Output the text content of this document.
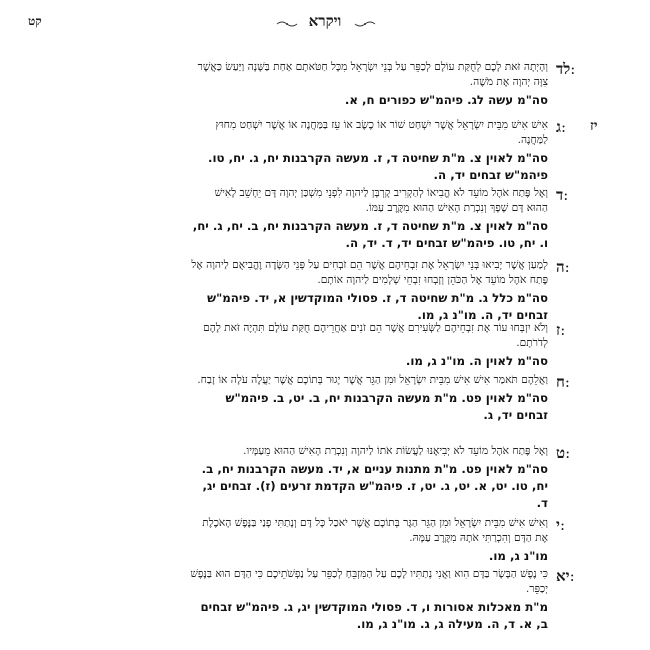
קט	ויקרא
לד:
וְהָיְתָה זֹּאת לָכֶם לְחֻקַּת עוֹלָם לְכַפֵּר עַל בְּנֵי יִשְׂרָאֵל מִכָּל חַטֹּאתָם אַחַת בַּשָּׁנָה וַיַּעַשׂ כַּאֲשֶׁר צִוָּה יְהוָה אֶת מֹשֶׁה.
סה"מ עשה לג. פיהמ"ש כפורים ח, א.
יז
ג:
אִישׁ אִישׁ מִבֵּית יִשְׂרָאֵל אֲשֶׁר יִשְׁחַט שׁוֹר אוֹ כֶשֶׂב אוֹ עֵז בַּמַּחֲנֶה אוֹ אֲשֶׁר יִשְׁחַט מִחוּץ לַמַּחֲנֶה.
סה"מ לאוין צ. מ"ת שחיטה ד, ז. מעשה הקרבנות יח, ג. יח, טו. פיהמ"ש זבחים יד, ה.
ד:
וְאֶל פֶּתַח אֹהֶל מוֹעֵד לֹא הֱבִיאוֹ לְהַקְרִיב קָרְבָּן לַיהוָה לִפְנֵי מִשְׁכַּן יְהוָה דָּם יֵחָשֵׁב לָאִישׁ הַהוּא דָּם שָׁפָךְ וְנִכְרַת הָאִישׁ הַהוּא מִקֶּרֶב עַמּוֹ.
סה"מ לאוין צ. מ"ת שחיטה ד, ז. מעשה הקרבנות יח, ב. יח, ג. יח, ו. יח, טו. פיהמ"ש זבחים יד, ד. יד, ה.
ה:
לְמַעַן אֲשֶׁר יָבִיאוּ בְּנֵי יִשְׂרָאֵל אֶת זִבְחֵיהֶם אֲשֶׁר הֵם זֹבְחִים עַל פְּנֵי הַשָּׂדֶה וֶהֱבִיאֻם לַיהוָה אֶל פֶּתַח אֹהֶל מוֹעֵד אֶל הַכֹּהֵן וְזָבְחוּ זִבְחֵי שְׁלָמִים לַיהוָה אוֹתָם.
סה"מ כלל ג. מ"ת שחיטה ד, ז. פסולי המוקדשין א, יד. פיהמ"ש זבחים יד, ה. מו"נ ג, מו.
ז:
וְלֹא יִזְבְּחוּ עוֹד אֶת זִבְחֵיהֶם לַשְּׂעִירִם אֲשֶׁר הֵם זֹנִים אַחֲרֵיהֶם חֻקַּת עוֹלָם תִּהְיֶה זֹּאת לָהֶם לְדֹרֹתָם.
סה"מ לאוין ה. מו"נ ג, מו.
ח:
וַאֲלֵהֶם תֹּאמַר אִישׁ אִישׁ מִבֵּית יִשְׂרָאֵל וּמִן הַגֵּר אֲשֶׁר יָגוּר בְּתוֹכָם אֲשֶׁר יַעֲלֶה עֹלָה אוֹ זָבַח.
סה"מ לאוין פט. מ"ת מעשה הקרבנות יח, ב. יט, ב. פיהמ"ש זבחים יד, ג.
ט:
וְאֶל פֶּתַח אֹהֶל מוֹעֵד לֹא יְבִיאֶנּוּ לַעֲשׂוֹת אֹתוֹ לַיהוָה וְנִכְרַת הָאִישׁ הַהוּא מֵעַמָּיו.
סה"מ לאוין פט. מ"ת מתנות עניים א, יד. מעשה הקרבנות יח, ב. יח, טו. יט, א. יט, ג. יט, ז. פיהמ"ש הקדמת זרעים (ז). זבחים יג, ד.
י:
וְאִישׁ אִישׁ מִבֵּית יִשְׂרָאֵל וּמִן הַגֵּר הַגָּר בְּתוֹכָם אֲשֶׁר יֹאכַל כָּל דָּם וְנָתַתִּי פָנַי בַּנֶּפֶשׁ הָאֹכֶלֶת אֶת הַדָּם וְהִכְרַתִּי אֹתָהּ מִקֶּרֶב עַמָּהּ.
מו"נ ג, מו.
יא:
כִּי נֶפֶשׁ הַבָּשָׂר בַּדָּם הִוא וַאֲנִי נְתַתִּיו לָכֶם עַל הַמִּזְבֵּחַ לְכַפֵּר עַל נַפְשֹׁתֵיכֶם כִּי הַדָּם הוּא בַּנֶּפֶשׁ יְכַפֵּר.
מ"ת מאכלות אסורות ו, ד. פסולי המוקדשין יג, ג. פיהמ"ש זבחים ב, א. ד, ה. מעילה ג, ג. מו"נ ג, מו.
